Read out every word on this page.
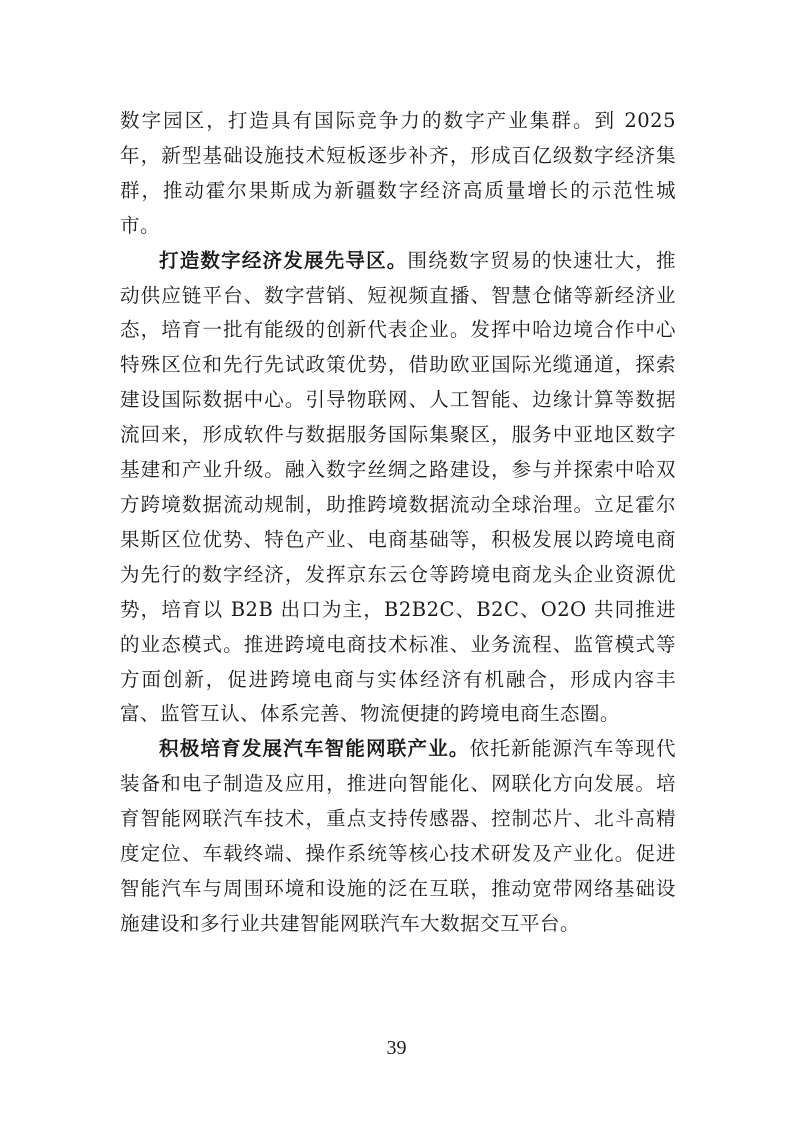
数字园区，打造具有国际竞争力的数字产业集群。到 2025 年，新型基础设施技术短板逐步补齐，形成百亿级数字经济集群，推动霍尔果斯成为新疆数字经济高质量增长的示范性城市。

打造数字经济发展先导区。围绕数字贸易的快速壮大，推动供应链平台、数字营销、短视频直播、智慧仓储等新经济业态，培育一批有能级的创新代表企业。发挥中哈边境合作中心特殊区位和先行先试政策优势，借助欧亚国际光缆通道，探索建设国际数据中心。引导物联网、人工智能、边缘计算等数据流回来，形成软件与数据服务国际集聚区，服务中亚地区数字基建和产业升级。融入数字丝绸之路建设，参与并探索中哈双方跨境数据流动规制，助推跨境数据流动全球治理。立足霍尔果斯区位优势、特色产业、电商基础等，积极发展以跨境电商为先行的数字经济，发挥京东云仓等跨境电商龙头企业资源优势，培育以 B2B 出口为主，B2B2C、B2C、O2O 共同推进的业态模式。推进跨境电商技术标准、业务流程、监管模式等方面创新，促进跨境电商与实体经济有机融合，形成内容丰富、监管互认、体系完善、物流便捷的跨境电商生态圈。

积极培育发展汽车智能网联产业。依托新能源汽车等现代装备和电子制造及应用，推进向智能化、网联化方向发展。培育智能网联汽车技术，重点支持传感器、控制芯片、北斗高精度定位、车载终端、操作系统等核心技术研发及产业化。促进智能汽车与周围环境和设施的泛在互联，推动宽带网络基础设施建设和多行业共建智能网联汽车大数据交互平台。

39
